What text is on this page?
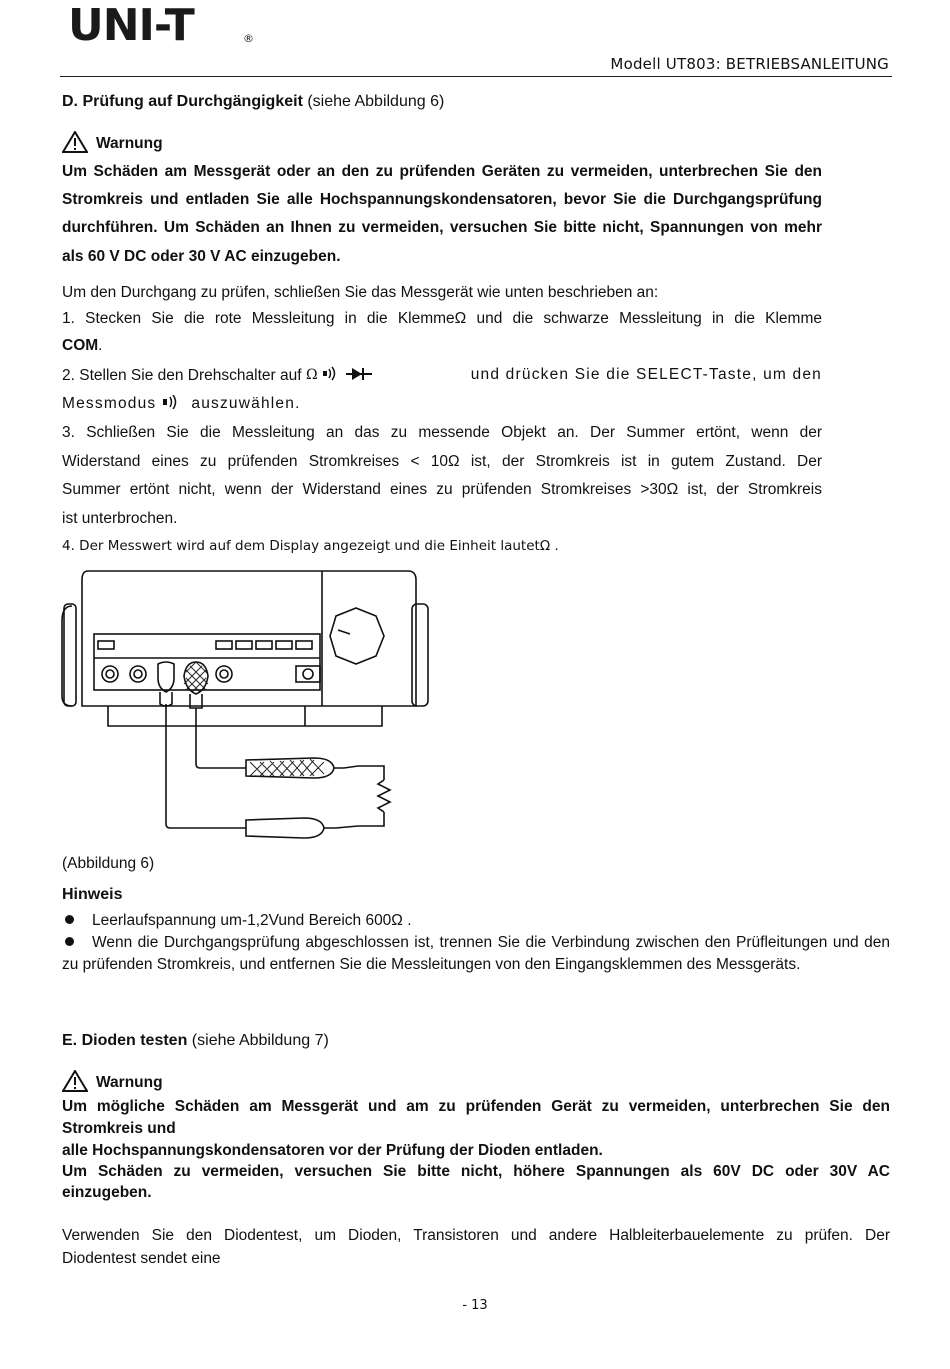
UNI-T	®
Modell UT803: BETRIEBSANLEITUNG
D. Prüfung auf Durchgängigkeit (siehe Abbildung 6)
Warnung
Um Schäden am Messgerät oder an den zu prüfenden Geräten zu vermeiden, unterbrechen Sie den
Stromkreis und entladen Sie alle Hochspannungskondensatoren, bevor Sie die Durchgangsprüfung
durchführen. Um Schäden an Ihnen zu vermeiden, versuchen Sie bitte nicht, Spannungen von mehr
als 60 V DC oder 30 V AC einzugeben.
Um den Durchgang zu prüfen, schließen Sie das Messgerät wie unten beschrieben an:
1. Stecken Sie die rote Messleitung in die KlemmeΩ und die schwarze Messleitung in die Klemme
COM.
2. Stellen Sie den Drehschalter auf Ω	und drücken Sie die SELECT-Taste, um den
Messmodus auszuwählen.
3. Schließen Sie die Messleitung an das zu messende Objekt an. Der Summer ertönt, wenn der
Widerstand eines zu prüfenden Stromkreises < 10Ω ist, der Stromkreis ist in gutem Zustand. Der
Summer ertönt nicht, wenn der Widerstand eines zu prüfenden Stromkreises >30Ω ist, der Stromkreis
ist unterbrochen.
4. Der Messwert wird auf dem Display angezeigt und die Einheit lautetΩ .
(Abbildung 6)
Hinweis
Leerlaufspannung um-1,2Vund Bereich 600Ω .
Wenn die Durchgangsprüfung abgeschlossen ist, trennen Sie die Verbindung zwischen den Prüfleitungen und den zu prüfenden Stromkreis, und entfernen Sie die Messleitungen von den Eingangsklemmen des Messgeräts.
E. Dioden testen (siehe Abbildung 7)
Warnung
Um mögliche Schäden am Messgerät und am zu prüfenden Gerät zu vermeiden, unterbrechen Sie den
Stromkreis und
alle Hochspannungskondensatoren vor der Prüfung der Dioden entladen.
Um Schäden zu vermeiden, versuchen Sie bitte nicht, höhere Spannungen als 60V DC oder 30V AC
einzugeben.
Verwenden Sie den Diodentest, um Dioden, Transistoren und andere Halbleiterbauelemente zu prüfen. Der
Diodentest sendet eine
- 13
